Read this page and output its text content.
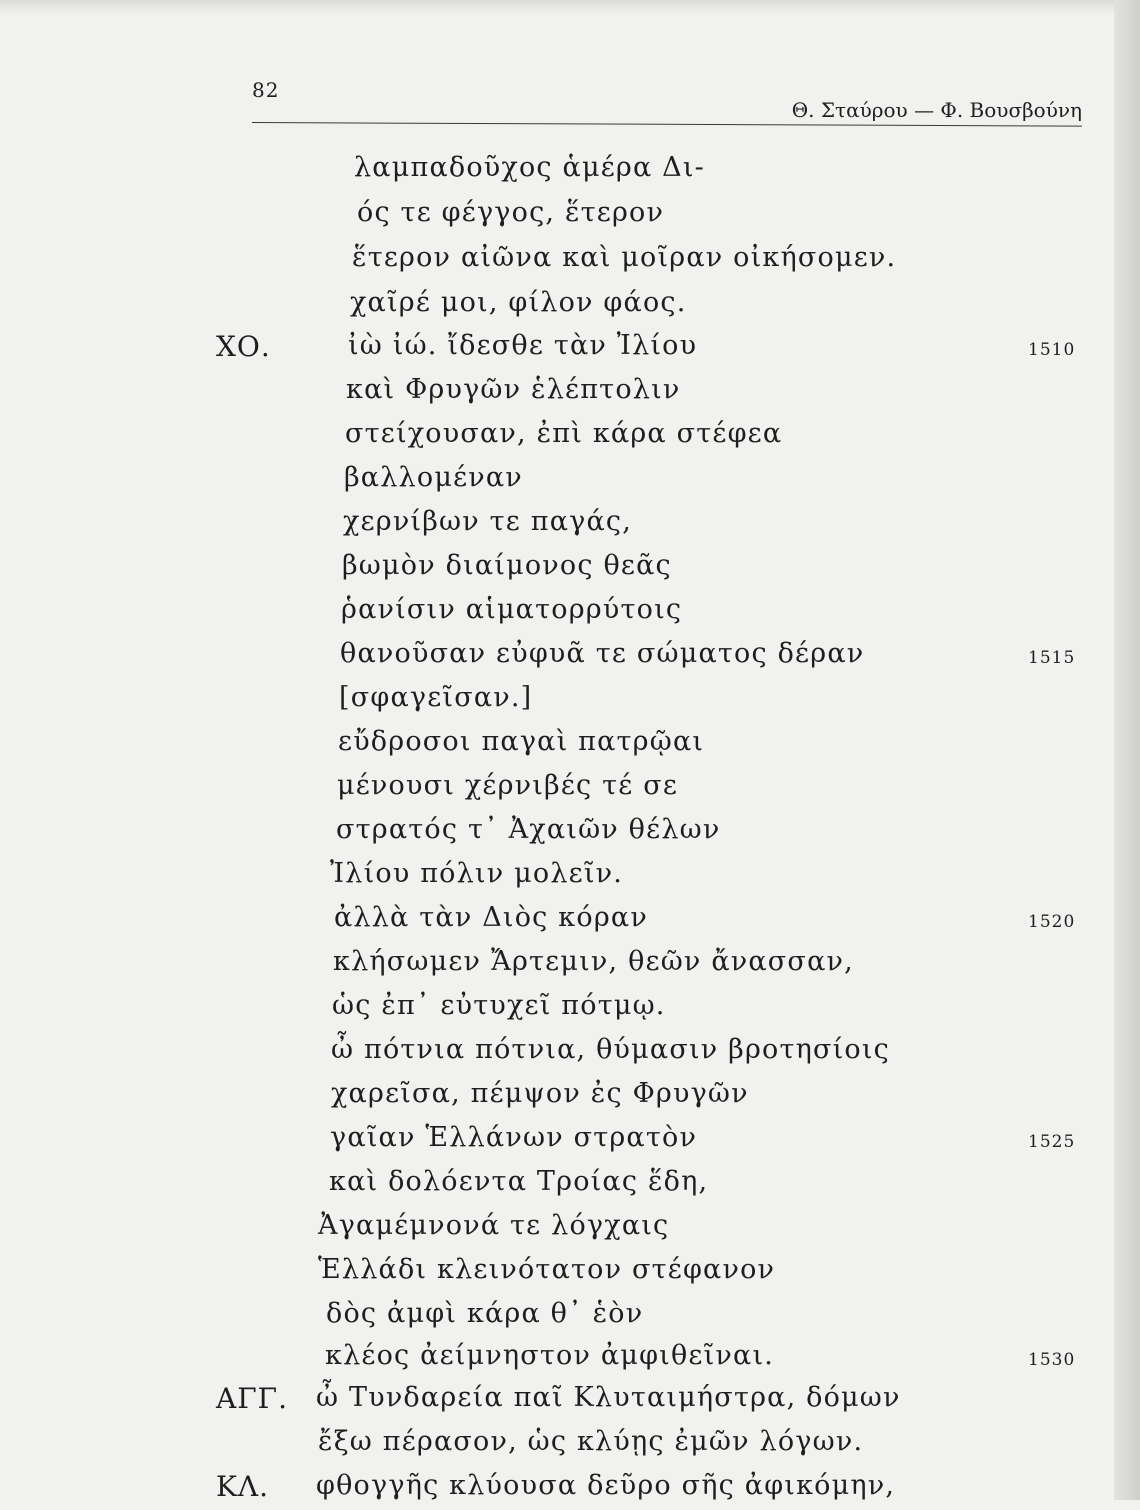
82
Θ. Σταύρου — Φ. Βουσβούνη
λαμπαδοῦχος ἁμέρα Δι-
ός τε φέγγος, ἕτερον
ἕτερον αἰῶνα καὶ μοῖραν οἰκήσομεν.
χαῖρέ μοι, φίλον φάος.
ΧΟ.	ἰὼ ἰώ. ἴδεσθε τὰν Ἰλίου	1510
καὶ Φρυγῶν ἑλέπτολιν
στείχουσαν, ἐπὶ κάρα στέφεα
βαλλομέναν
χερνίβων τε παγάς,
βωμὸν διαίμονος θεᾶς
ῥανίσιν αἱματορρύτοις
θανοῦσαν εὐφυᾶ τε σώματος δέραν	1515
[σφαγεῖσαν.]
εὔδροσοι παγαὶ πατρῷαι
μένουσι χέρνιβές τέ σε
στρατός τ᾽ Ἀχαιῶν θέλων
Ἰλίου πόλιν μολεῖν.
ἀλλὰ τὰν Διὸς κόραν	1520
κλήσωμεν Ἄρτεμιν, θεῶν ἄνασσαν,
ὡς ἐπ᾽ εὐτυχεῖ πότμῳ.
ὦ πότνια πότνια, θύμασιν βροτησίοις
χαρεῖσα, πέμψον ἐς Φρυγῶν
γαῖαν Ἑλλάνων στρατὸν	1525
καὶ δολόεντα Τροίας ἕδη,
Ἀγαμέμνονά τε λόγχαις
Ἑλλάδι κλεινότατον στέφανον
δὸς ἀμφὶ κάρα θ᾽ ἑὸν
κλέος ἀείμνηστον ἀμφιθεῖναι.	1530
ΑΓΓ. ὦ Τυνδαρεία παῖ Κλυταιμήστρα, δόμων
ἔξω πέρασον, ὡς κλύῃς ἐμῶν λόγων.
ΚΛ. φθογγῆς κλύουσα δεῦρο σῆς ἀφικόμην,
